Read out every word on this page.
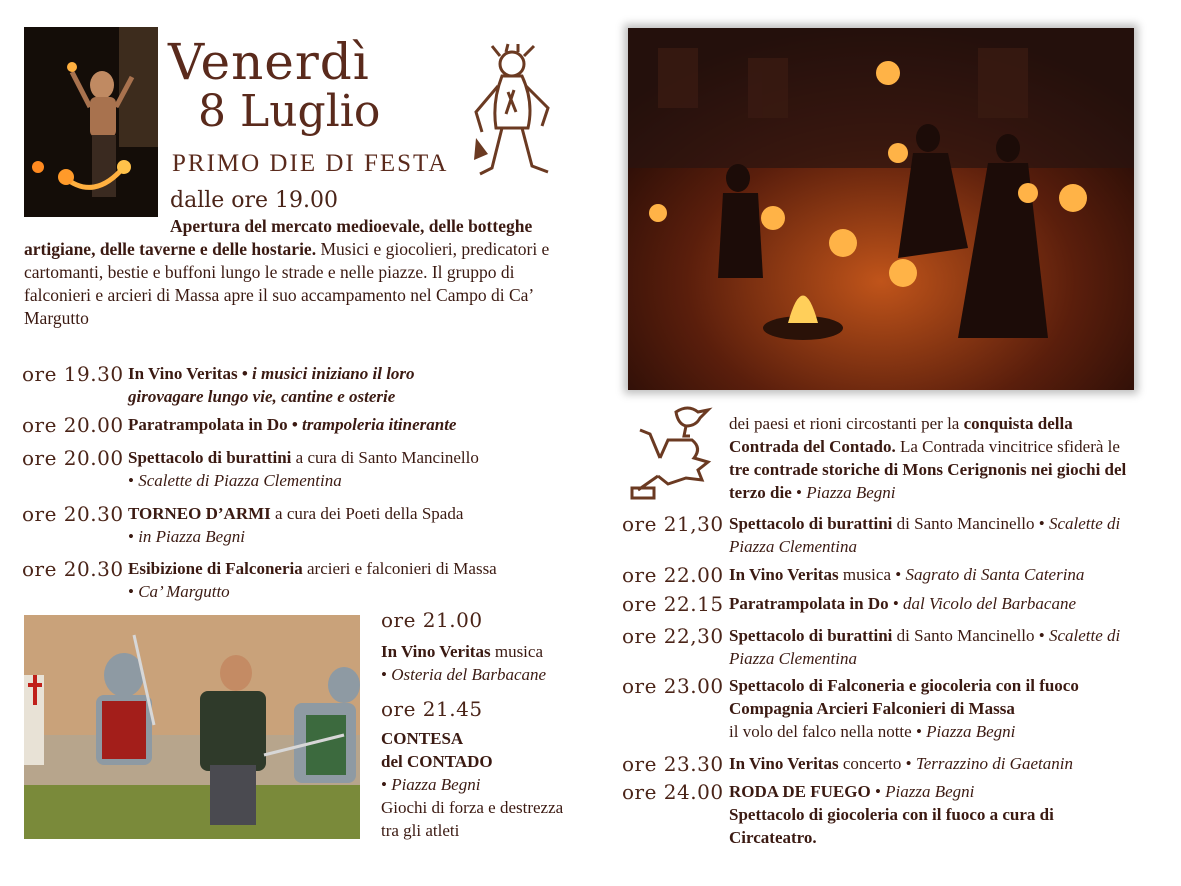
Venerdì
8 Luglio
PRIMO DIE DI FESTA
dalle ore 19.00
Apertura del mercato medioevale, delle botteghe artigiane, delle taverne e delle hostarie. Musici e giocolieri, predicatori e cartomanti, bestie e buffoni lungo le strade e nelle piazze. Il gruppo di falconieri e arcieri di Massa apre il suo accampamento nel Campo di Ca’ Margutto
ore 19.30 In Vino Veritas • i musici iniziano il loro girovagare lungo vie, cantine e osterie
ore 20.00 Paratrampolata in Do • trampoleria itinerante
ore 20.00 Spettacolo di burattini a cura di Santo Mancinello
• Scalette di Piazza Clementina
ore 20.30 TORNEO D’ARMI a cura dei Poeti della Spada
• in Piazza Begni
ore 20.30 Esibizione di Falconeria arcieri e falconieri di Massa
• Ca’ Margutto
ore 21.00
In Vino Veritas musica
• Osteria del Barbacane
ore 21.45
CONTESA
del CONTADO
• Piazza Begni
Giochi di forza e destrezza tra gli atleti
dei paesi et rioni circostanti per la conquista della Contrada del Contado. La Contrada vincitrice sfiderà le tre contrade storiche di Mons Cerignonis nei giochi del terzo die • Piazza Begni
ore 21,30 Spettacolo di burattini di Santo Mancinello • Scalette di Piazza Clementina
ore 22.00 In Vino Veritas musica • Sagrato di Santa Caterina
ore 22.15 Paratrampolata in Do • dal Vicolo del Barbacane
ore 22,30 Spettacolo di burattini di Santo Mancinello • Scalette di Piazza Clementina
ore 23.00 Spettacolo di Falconeria e giocoleria con il fuoco
Compagnia Arcieri Falconieri di Massa
il volo del falco nella notte • Piazza Begni
ore 23.30 In Vino Veritas concerto • Terrazzino di Gaetanin
ore 24.00 RODA DE FUEGO • Piazza Begni
Spettacolo di giocoleria con il fuoco a cura di Circateatro.
